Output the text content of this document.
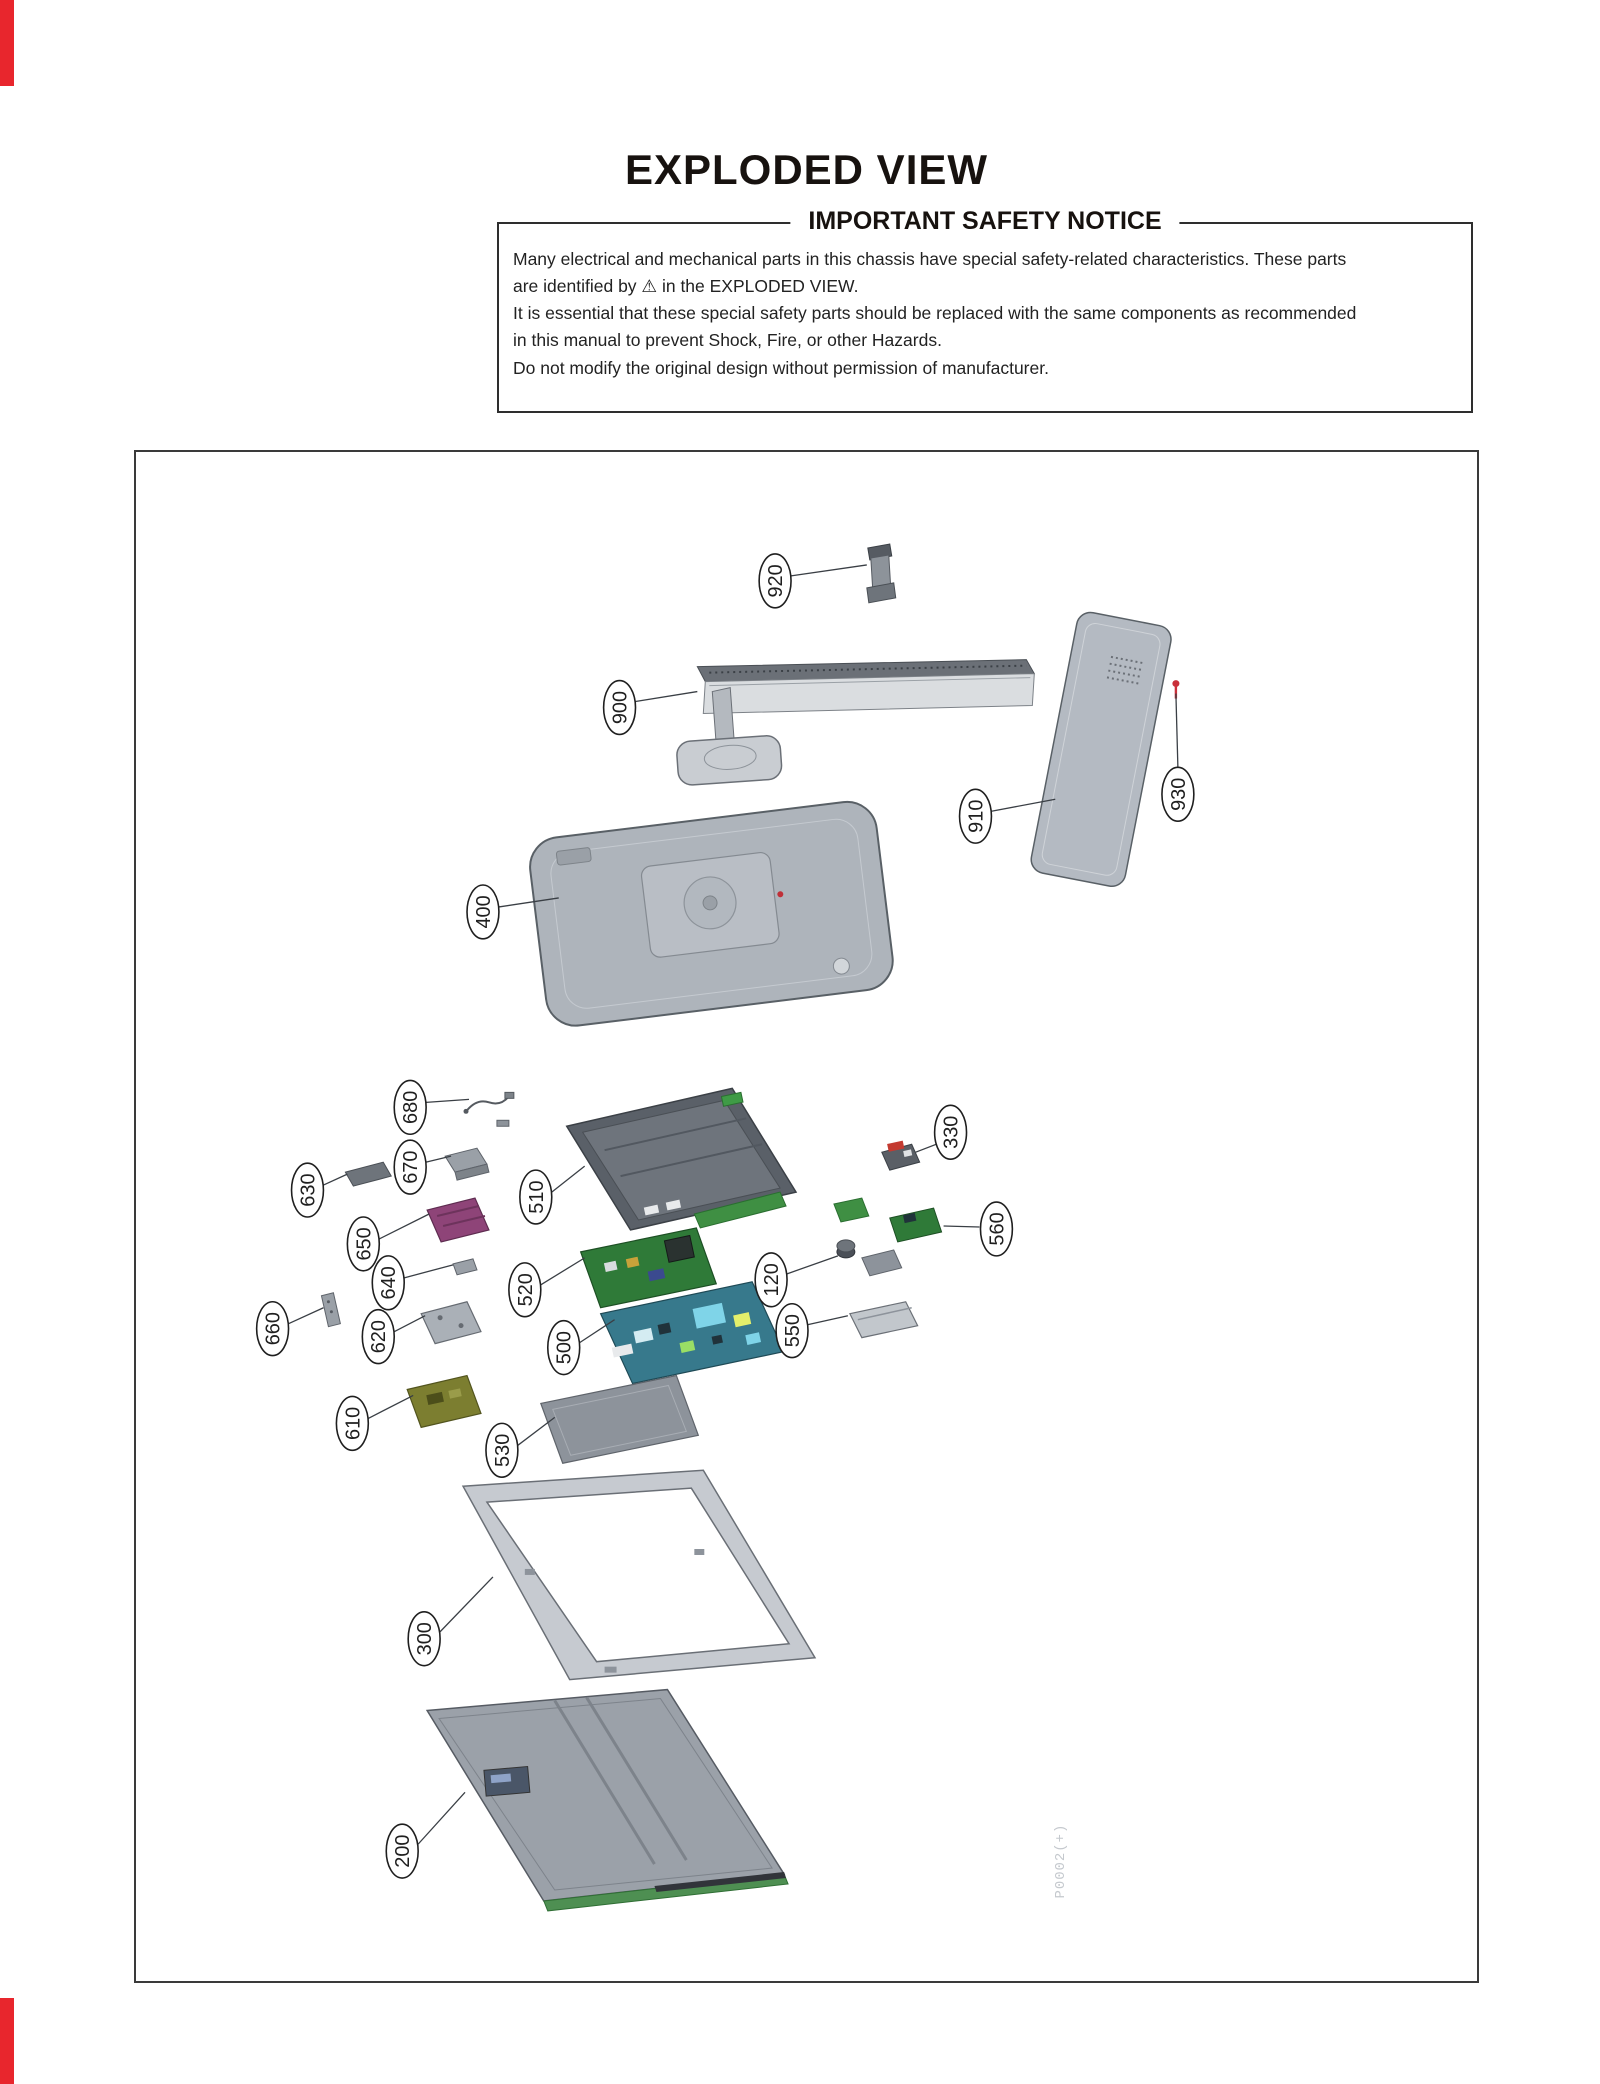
EXPLODED VIEW
IMPORTANT SAFETY NOTICE

Many electrical and mechanical parts in this chassis have special safety-related characteristics. These parts
are identified by ⚠ in the EXPLODED VIEW.
It is essential that these special safety parts should be replaced with the same components as recommended
in this manual to prevent Shock, Fire, or other Hazards.
Do not modify the original design without permission of manufacturer.

920
900
910
930
400
680
670
630	510
650
640
620
660
520
500
610
530
300
200
330
560
120
550
P0002(+)
